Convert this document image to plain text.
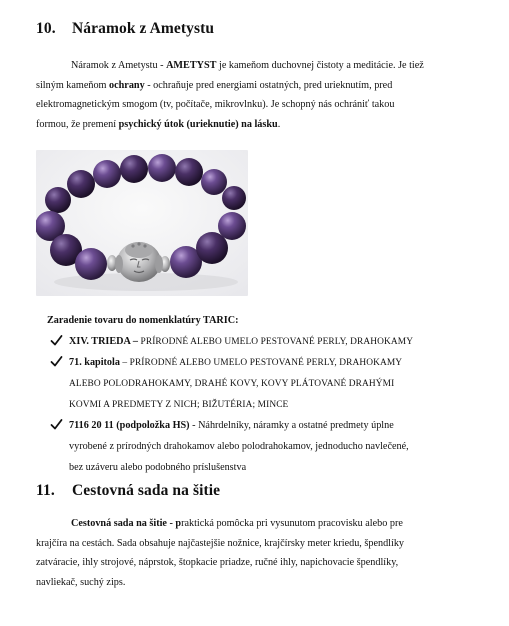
10. Náramok z Ametystu
Náramok z Ametystu - AMETYST je kameňom duchovnej čistoty a meditácie. Je tiež
silným kameňom ochrany - ochraňuje pred energiami ostatných, pred urieknutím, pred
elektromagnetickým smogom (tv, počítače, mikrovlnku). Je schopný nás ochrániť takou
formou, že premení psychický útok (urieknutie) na lásku.
Zaradenie tovaru do nomenklatúry TARIC:
XIV. TRIEDA – PRÍRODNÉ ALEBO UMELO PESTOVANÉ PERLY, DRAHOKAMY
71. kapitola – PRÍRODNÉ ALEBO UMELO PESTOVANÉ PERLY, DRAHOKAMY
ALEBO POLODRAHOKAMY, DRAHÉ KOVY, KOVY PLÁTOVANÉ DRAHÝMI
KOVMI A PREDMETY Z NICH; BIŽUTÉRIA; MINCE
7116 20 11 (podpoložka HS) - Náhrdelníky, náramky a ostatné predmety úplne
vyrobené z prírodných drahokamov alebo polodrahokamov, jednoducho navlečené,
bez uzáveru alebo podobného príslušenstva
11. Cestovná sada na šitie
Cestovná sada na šitie - praktická pomôcka pri vysunutom pracovisku alebo pre
krajčíra na cestách. Sada obsahuje najčastejšie nožnice, krajčírsky meter kriedu, špendlíky
zatváracie, ihly strojové, náprstok, štopkacie priadze, ručné ihly, napichovacie špendlíky,
navliekač, suchý zips.
